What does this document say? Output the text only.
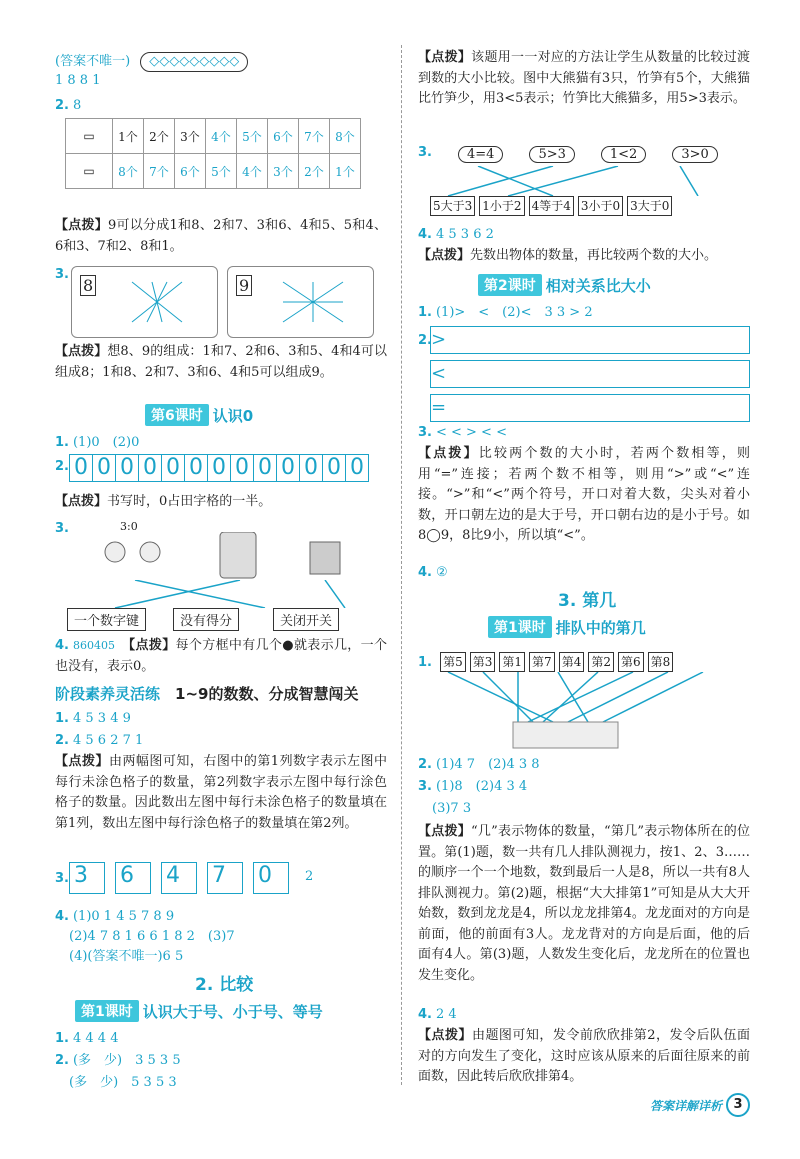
(答案不唯一) ◇◇◇◇◇◇◇◇◇
1 8 8 1
2. 8
▭	1个	2个	3个	4个	5个	6个	7个	8个
▭	8个	7个	6个	5个	4个	3个	2个	1个
【点拨】9可以分成1和8、2和7、3和6、4和5、5和4、6和3、7和2、8和1。
3.
8	9
【点拨】想8、9的组成：1和7、2和6、3和5、4和4可以组成8；1和8、2和7、3和6、4和5可以组成9。
第6课时 认识0
1. (1)0　(2)0
2. 0 0 0 0 0 0 0 0 0 0 0 0 0
【点拨】书写时，0占田字格的一半。
3.	3:0
一个数字键	没有得分	关闭开关
4. 860405　 【点拨】每个方框中有几个●就表示几，一个也没有，表示0。
阶段素养灵活练　 1~9的数数、分成智慧闯关
1. 4 5 3 4 9
2. 4 5 6 2 7 1
【点拨】由两幅图可知，右图中的第1列数字表示左图中每行未涂色格子的数量，第2列数字表示左图中每行涂色格子的数量。因此数出左图中每行未涂色格子的数量填在第1列，数出左图中每行涂色格子的数量填在第2列。
3. 3 6 4 7 0	2
4. (1)0 1 4 5 7 8 9
(2)4 7 8 1 6 6 1 8 2　(3)7
(4)(答案不唯一)6 5
2. 比较
第1课时 认识大于号、小于号、等号
1. 4 4 4 4
2. (多　少)　3 5 3 5
(多　少)　5 3 5 3
【点拨】该题用一一对应的方法让学生从数量的比较过渡到数的大小比较。图中大熊猫有3只，竹笋有5个，大熊猫比竹笋少，用3<5表示；竹笋比大熊猫多，用5>3表示。
3.	4=4	5>3	1<2	3>0
5大于3 1小于2 4等于4 3小于0 3大于0
4. 4 5 3 6 2
【点拨】先数出物体的数量，再比较两个数的大小。
第2课时 相对关系比大小
1. (1)>　<　(2)<　3 3 > 2
2. >
<
=
3. < < > < <
【点拨】比较两个数的大小时，若两个数相等，则用“=”连接；若两个数不相等，则用“>”或“<”连接。“>”和“<”两个符号，开口对着大数，尖头对着小数，开口朝左边的是大于号，开口朝右边的是小于号。如8◯9，8比9小，所以填“<”。
4. ②
3. 第几
第1课时 排队中的第几
1. 第5 第3 第1 第7 第4 第2 第6 第8
2. (1)4 7　(2)4 3 8
3. (1)8　(2)4 3 4
(3)7 3
【点拨】“几”表示物体的数量，“第几”表示物体所在的位置。第(1)题，数一共有几人排队测视力，按1、2、3……的顺序一个一个地数，数到最后一人是8，所以一共有8人排队测视力。第(2)题，根据“大大排第1”可知是从大大开始数，数到龙龙是4，所以龙龙排第4。龙龙面对的方向是前面，他的前面有3人。龙龙背对的方向是后面，他的后面有4人。第(3)题，人数发生变化后，龙龙所在的位置也发生变化。
4. 2 4
【点拨】由题图可知，发令前欣欣排第2，发令后队伍面对的方向发生了变化，这时应该从原来的后面往原来的前面数，因此转后欣欣排第4。
答案详解详析 3
